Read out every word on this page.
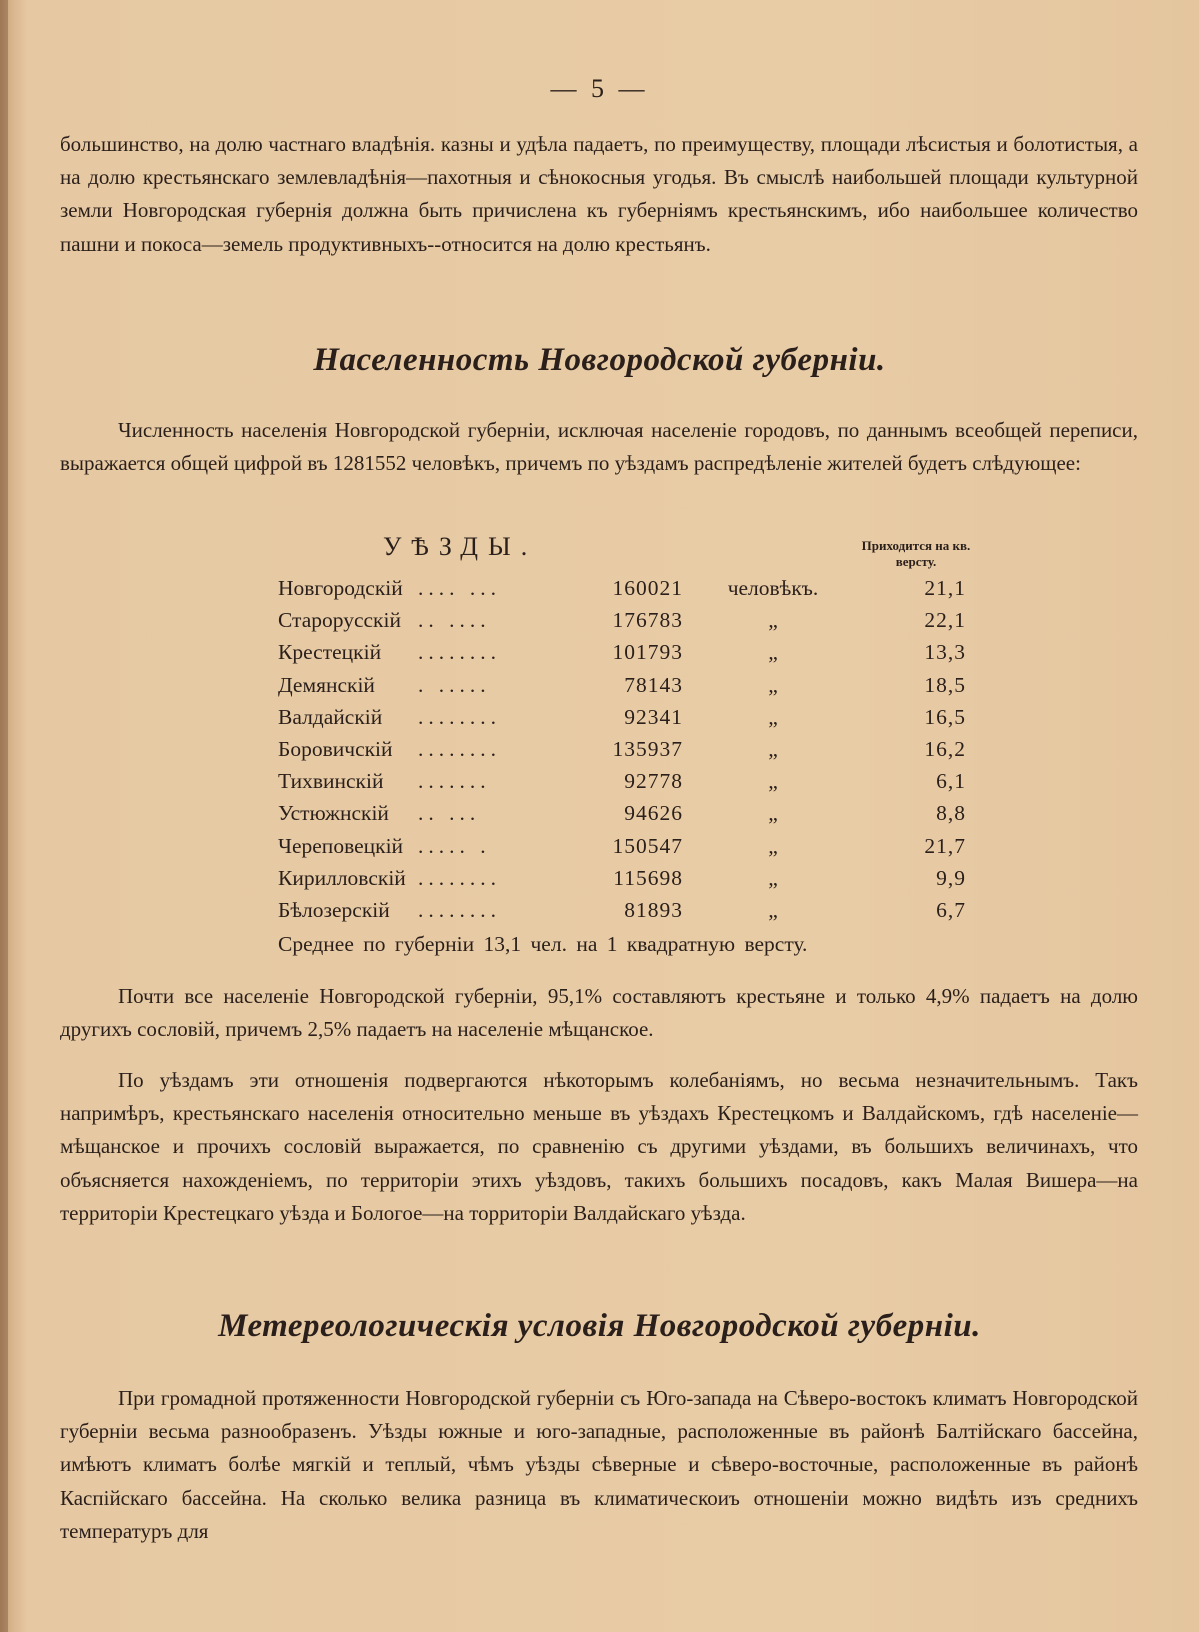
— 5 —
большинство, на долю частнаго владѣнія. казны и удѣла падаетъ, по преимуществу, площади лѣсистыя и болотистыя, а на долю крестьянскаго землевладѣнія—пахотныя и сѣнокосныя угодья. Въ смыслѣ наибольшей площади культурной земли Новгородская губернія должна быть причислена къ губерніямъ крестьянскимъ, ибо наибольшее количество пашни и покоса—земель продуктивныхъ--относится на долю крестьянъ.
Населенность Новгородской губерніи.
Численность населенія Новгородской губерніи, исключая населеніе городовъ, по даннымъ всеобщей переписи, выражается общей цифрой въ 1281552 человѣкъ, причемъ по уѣздамъ распредѣленіе жителей будетъ слѣдующее:
УѢЗДЫ.	Приходится на кв. версту.
Новгородскій .... ...	160021	человѣкъ.	21,1
Старорусскій .. ....	176783	„	22,1
Крестецкій ........	101793	„	13,3
Демянскій . .....	78143	„	18,5
Валдайскій ........	92341	„	16,5
Боровичскій ........	135937	„	16,2
Тихвинскій .......	92778	„	6,1
Устюжнскій .. ...	94626	„	8,8
Череповецкій ..... .	150547	„	21,7
Кирилловскій ........	115698	„	9,9
Бѣлозерскій ........	81893	„	6,7
Среднее по губерніи 13,1 чел. на 1 квадратную версту.
Почти все населеніе Новгородской губерніи, 95,1% составляютъ крестьяне и только 4,9% падаетъ на долю другихъ сословій, причемъ 2,5% падаетъ на населеніе мѣщанское.
По уѣздамъ эти отношенія подвергаются нѣкоторымъ колебаніямъ, но весьма незначительнымъ. Такъ напримѣръ, крестьянскаго населенія относительно меньше въ уѣздахъ Крестецкомъ и Валдайскомъ, гдѣ населеніе—мѣщанское и прочихъ сословій выражается, по сравненію съ другими уѣздами, въ большихъ величинахъ, что объясняется нахожденіемъ, по территоріи этихъ уѣздовъ, такихъ большихъ посадовъ, какъ Малая Вишера—на территоріи Крестецкаго уѣзда и Бологое—на торриторіи Валдайскаго уѣзда.
Метереологическія условія Новгородской губерніи.
При громадной протяженности Новгородской губерніи съ Юго-запада на Сѣверо-востокъ климатъ Новгородской губерніи весьма разнообразенъ. Уѣзды южные и юго-западные, расположенные въ районѣ Балтійскаго бассейна, имѣютъ климатъ болѣе мягкій и теплый, чѣмъ уѣзды сѣверные и сѣверо-восточные, расположенные въ районѣ Каспійскаго бассейна. На сколько велика разница въ климатическоиъ отношеніи можно видѣть изъ среднихъ температуръ для
